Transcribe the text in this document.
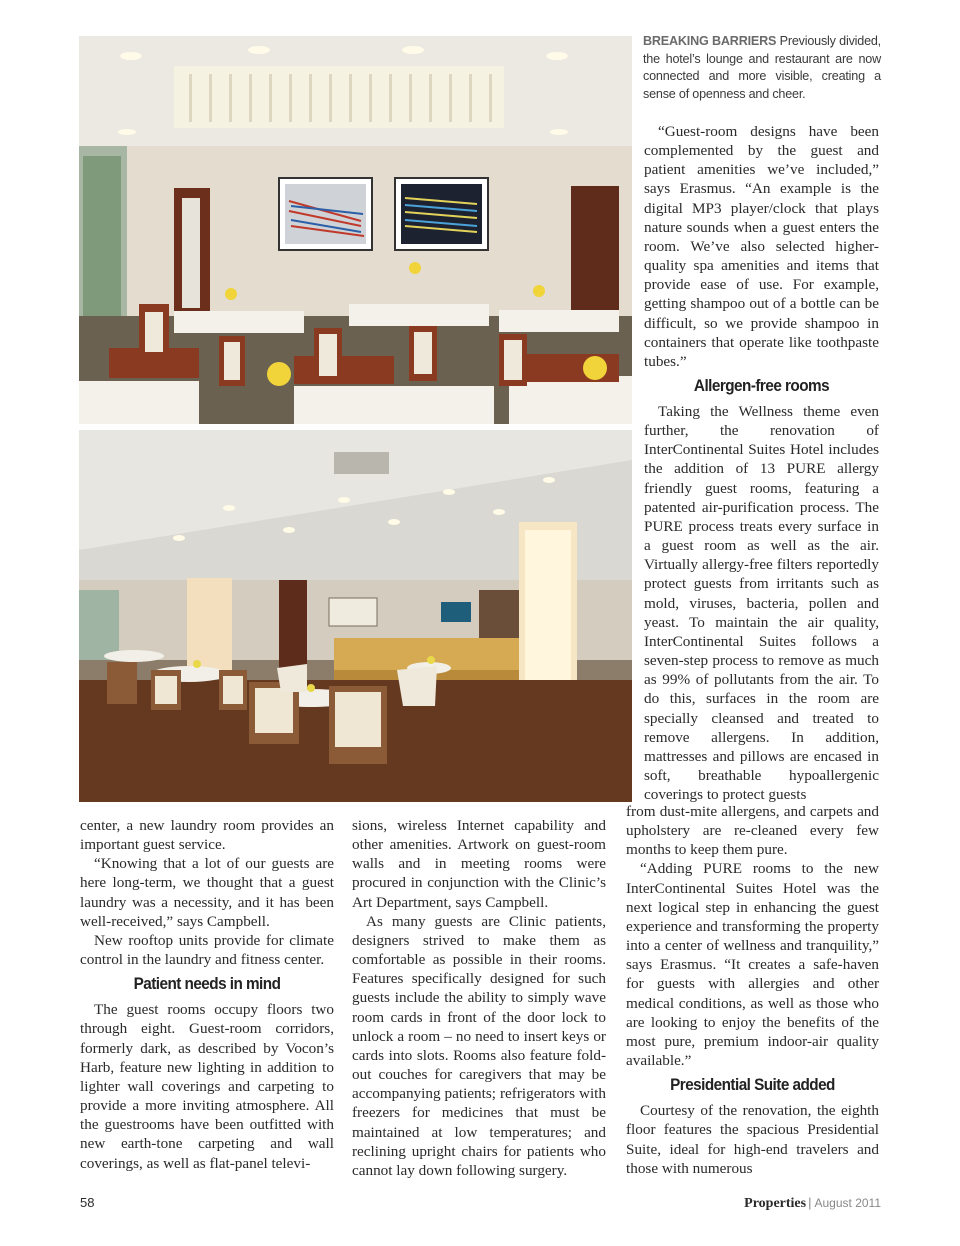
BREAKING BARRIERS Previously divided, the hotel’s lounge and restaurant are now connected and more visible, creating a sense of openness and cheer.

center, a new laundry room provides an important guest service.

“Knowing that a lot of our guests are here long-term, we thought that a guest laundry was a necessity, and it has been well-received,” says Campbell.

New rooftop units provide for climate control in the laundry and fitness center.

Patient needs in mind

The guest rooms occupy floors two through eight. Guest-room corridors, formerly dark, as described by Vocon’s Harb, feature new lighting in addition to lighter wall coverings and carpeting to provide a more inviting atmosphere. All the guestrooms have been outfitted with new earth-tone carpeting and wall coverings, as well as flat-panel televi-

sions, wireless Internet capability and other amenities. Artwork on guest-room walls and in meeting rooms were procured in conjunction with the Clinic’s Art Department, says Campbell.

As many guests are Clinic patients, designers strived to make them as comfortable as possible in their rooms. Features specifically designed for such guests include the ability to simply wave room cards in front of the door lock to unlock a room – no need to insert keys or cards into slots. Rooms also feature fold-out couches for caregivers that may be accompanying patients; refrigerators with freezers for medicines that must be maintained at low temperatures; and reclining upright chairs for patients who cannot lay down following surgery.

“Guest-room designs have been complemented by the guest and patient amenities we’ve included,” says Erasmus. “An example is the digital MP3 player/clock that plays nature sounds when a guest enters the room. We’ve also selected higher-quality spa amenities and items that provide ease of use. For example, getting shampoo out of a bottle can be difficult, so we provide shampoo in containers that operate like toothpaste tubes.”

Allergen-free rooms

Taking the Wellness theme even further, the renovation of InterContinental Suites Hotel includes the addition of 13 PURE allergy friendly guest rooms, featuring a patented air-purification process. The PURE process treats every surface in a guest room as well as the air. Virtually allergy-free filters reportedly protect guests from irritants such as mold, viruses, bacteria, pollen and yeast. To maintain the air quality, InterContinental Suites follows a seven-step process to remove as much as 99% of pollutants from the air. To do this, surfaces in the room are specially cleansed and treated to remove allergens. In addition, mattresses and pillows are encased in soft, breathable hypoallergenic coverings to protect guests

from dust-mite allergens, and carpets and upholstery are re-cleaned every few months to keep them pure.

“Adding PURE rooms to the new InterContinental Suites Hotel was the next logical step in enhancing the guest experience and transforming the property into a center of wellness and tranquility,” says Erasmus. “It creates a safe-haven for guests with allergies and other medical conditions, as well as those who are looking to enjoy the benefits of the most pure, premium indoor-air quality available.”

Presidential Suite added

Courtesy of the renovation, the eighth floor features the spacious Presidential Suite, ideal for high-end travelers and those with numerous

58	Properties | August 2011
